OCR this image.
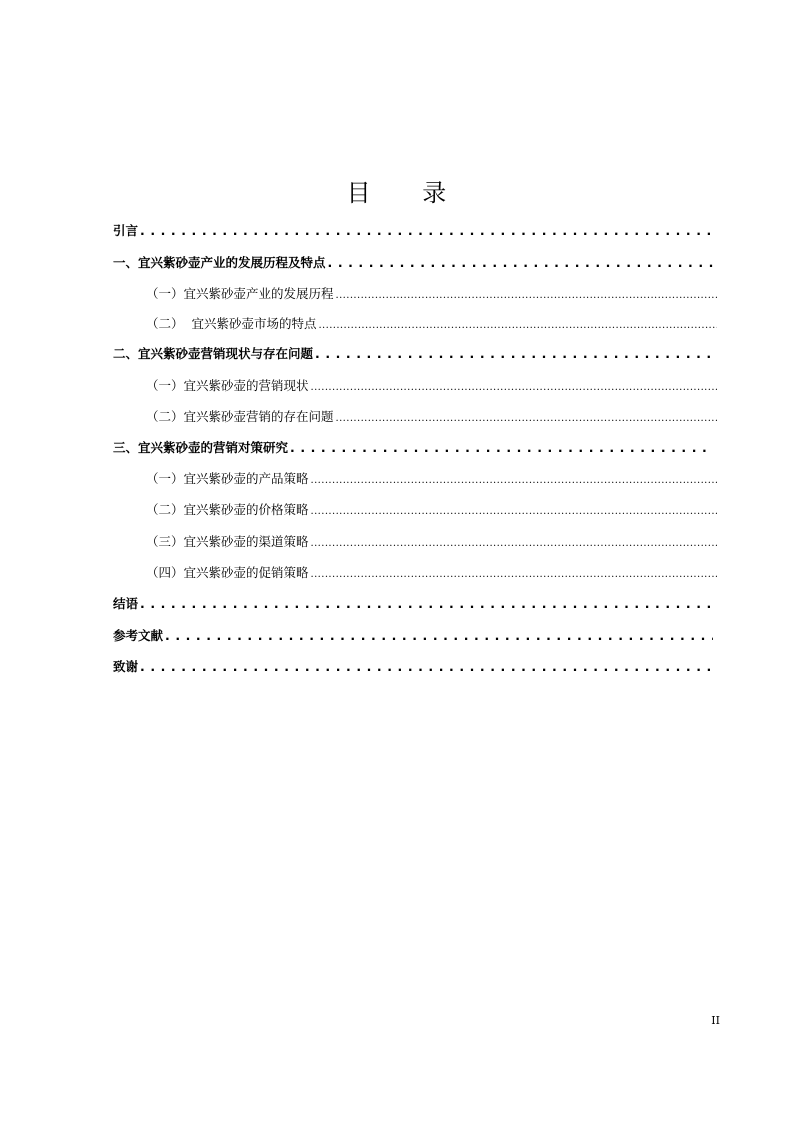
目 录
引言
. . .
一、宜兴紫砂壶产业的发展历程及特点
. . .
（一）宜兴紫砂壶产业的发展历程
.....
（二）  宜兴紫砂壶市场的特点
.....
二、宜兴紫砂壶营销现状与存在问题
. . .
（一）宜兴紫砂壶的营销现状
.....
（二）宜兴紫砂壶营销的存在问题
.....
三、宜兴紫砂壶的营销对策研究
. . .
（一）宜兴紫砂壶的产品策略
.....
（二）宜兴紫砂壶的价格策略
.....
（三）宜兴紫砂壶的渠道策略
.....
（四）宜兴紫砂壶的促销策略
.....
结语
. . .
参考文献
. . .
致谢
. . .
II
